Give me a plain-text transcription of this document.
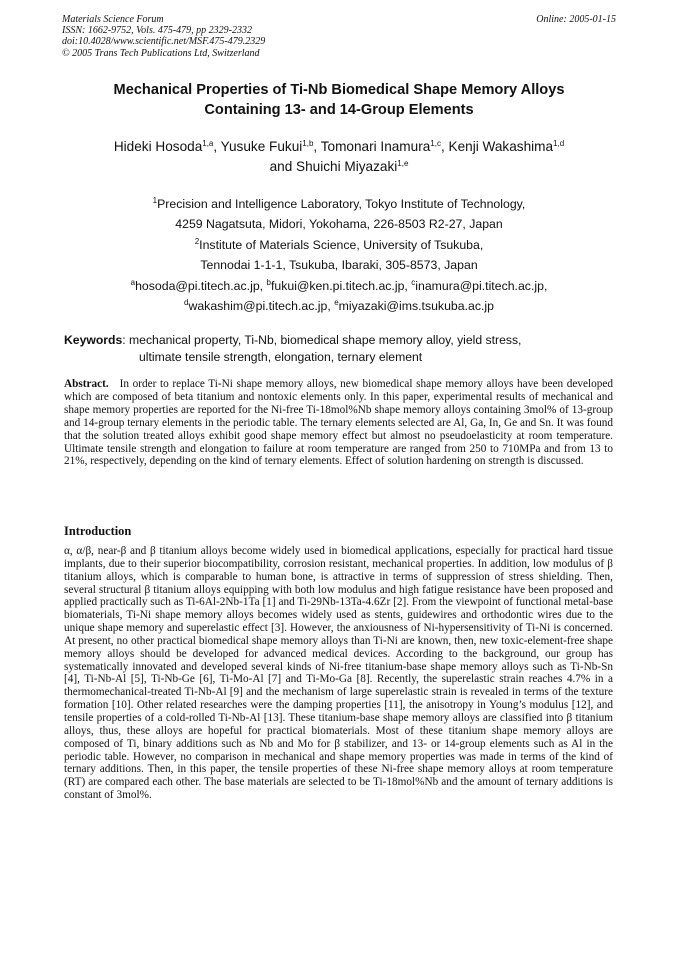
Materials Science Forum
ISSN: 1662-9752, Vols. 475-479, pp 2329-2332
doi:10.4028/www.scientific.net/MSF.475-479.2329
© 2005 Trans Tech Publications Ltd, Switzerland
Online: 2005-01-15
Mechanical Properties of Ti-Nb Biomedical Shape Memory Alloys
Containing 13- and 14-Group Elements
Hideki Hosoda$^{1,a}$, Yusuke Fukui$^{1,b}$, Tomonari Inamura$^{1,c}$, Kenji Wakashima$^{1,d}$
and Shuichi Miyazaki$^{1,e}$
$^1$Precision and Intelligence Laboratory, Tokyo Institute of Technology,
4259 Nagatsuta, Midori, Yokohama, 226-8503 R2-27, Japan
$^2$Institute of Materials Science, University of Tsukuba,
Tennodai 1-1-1, Tsukuba, Ibaraki, 305-8573, Japan
$^a$hosoda@pi.titech.ac.jp, $^b$fukui@ken.pi.titech.ac.jp, $^c$inamura@pi.titech.ac.jp,
$^d$wakashim@pi.titech.ac.jp, $^e$miyazaki@ims.tsukuba.ac.jp
Keywords: mechanical property, Ti-Nb, biomedical shape memory alloy, yield stress,
ultimate tensile strength, elongation, ternary element
Abstract. In order to replace Ti-Ni shape memory alloys, new biomedical shape memory alloys have been developed which are composed of beta titanium and nontoxic elements only. In this paper, experimental results of mechanical and shape memory properties are reported for the Ni-free Ti-18mol%Nb shape memory alloys containing 3mol% of 13-group and 14-group ternary elements in the periodic table. The ternary elements selected are Al, Ga, In, Ge and Sn. It was found that the solution treated alloys exhibit good shape memory effect but almost no pseudoelasticity at room temperature. Ultimate tensile strength and elongation to failure at room temperature are ranged from 250 to 710MPa and from 13 to 21%, respectively, depending on the kind of ternary elements. Effect of solution hardening on strength is discussed.
Introduction
α, α/β, near-β and β titanium alloys become widely used in biomedical applications, especially for practical hard tissue implants, due to their superior biocompatibility, corrosion resistant, mechanical properties. In addition, low modulus of β titanium alloys, which is comparable to human bone, is attractive in terms of suppression of stress shielding. Then, several structural β titanium alloys equipping with both low modulus and high fatigue resistance have been proposed and applied practically such as Ti-6Al-2Nb-1Ta [1] and Ti-29Nb-13Ta-4.6Zr [2]. From the viewpoint of functional metal-base biomaterials, Ti-Ni shape memory alloys becomes widely used as stents, guidewires and orthodontic wires due to the unique shape memory and superelastic effect [3]. However, the anxiousness of Ni-hypersensitivity of Ti-Ni is concerned. At present, no other practical biomedical shape memory alloys than Ti-Ni are known, then, new toxic-element-free shape memory alloys should be developed for advanced medical devices. According to the background, our group has systematically innovated and developed several kinds of Ni-free titanium-base shape memory alloys such as Ti-Nb-Sn [4], Ti-Nb-Al [5], Ti-Nb-Ge [6], Ti-Mo-Al [7] and Ti-Mo-Ga [8]. Recently, the superelastic strain reaches 4.7% in a thermomechanical-treated Ti-Nb-Al [9] and the mechanism of large superelastic strain is revealed in terms of the texture formation [10]. Other related researches were the damping properties [11], the anisotropy in Young’s modulus [12], and tensile properties of a cold-rolled Ti-Nb-Al [13]. These titanium-base shape memory alloys are classified into β titanium alloys, thus, these alloys are hopeful for practical biomaterials. Most of these titanium shape memory alloys are composed of Ti, binary additions such as Nb and Mo for β stabilizer, and 13- or 14-group elements such as Al in the periodic table. However, no comparison in mechanical and shape memory properties was made in terms of the kind of ternary additions. Then, in this paper, the tensile properties of these Ni-free shape memory alloys at room temperature (RT) are compared each other. The base materials are selected to be Ti-18mol%Nb and the amount of ternary additions is constant of 3mol%.
